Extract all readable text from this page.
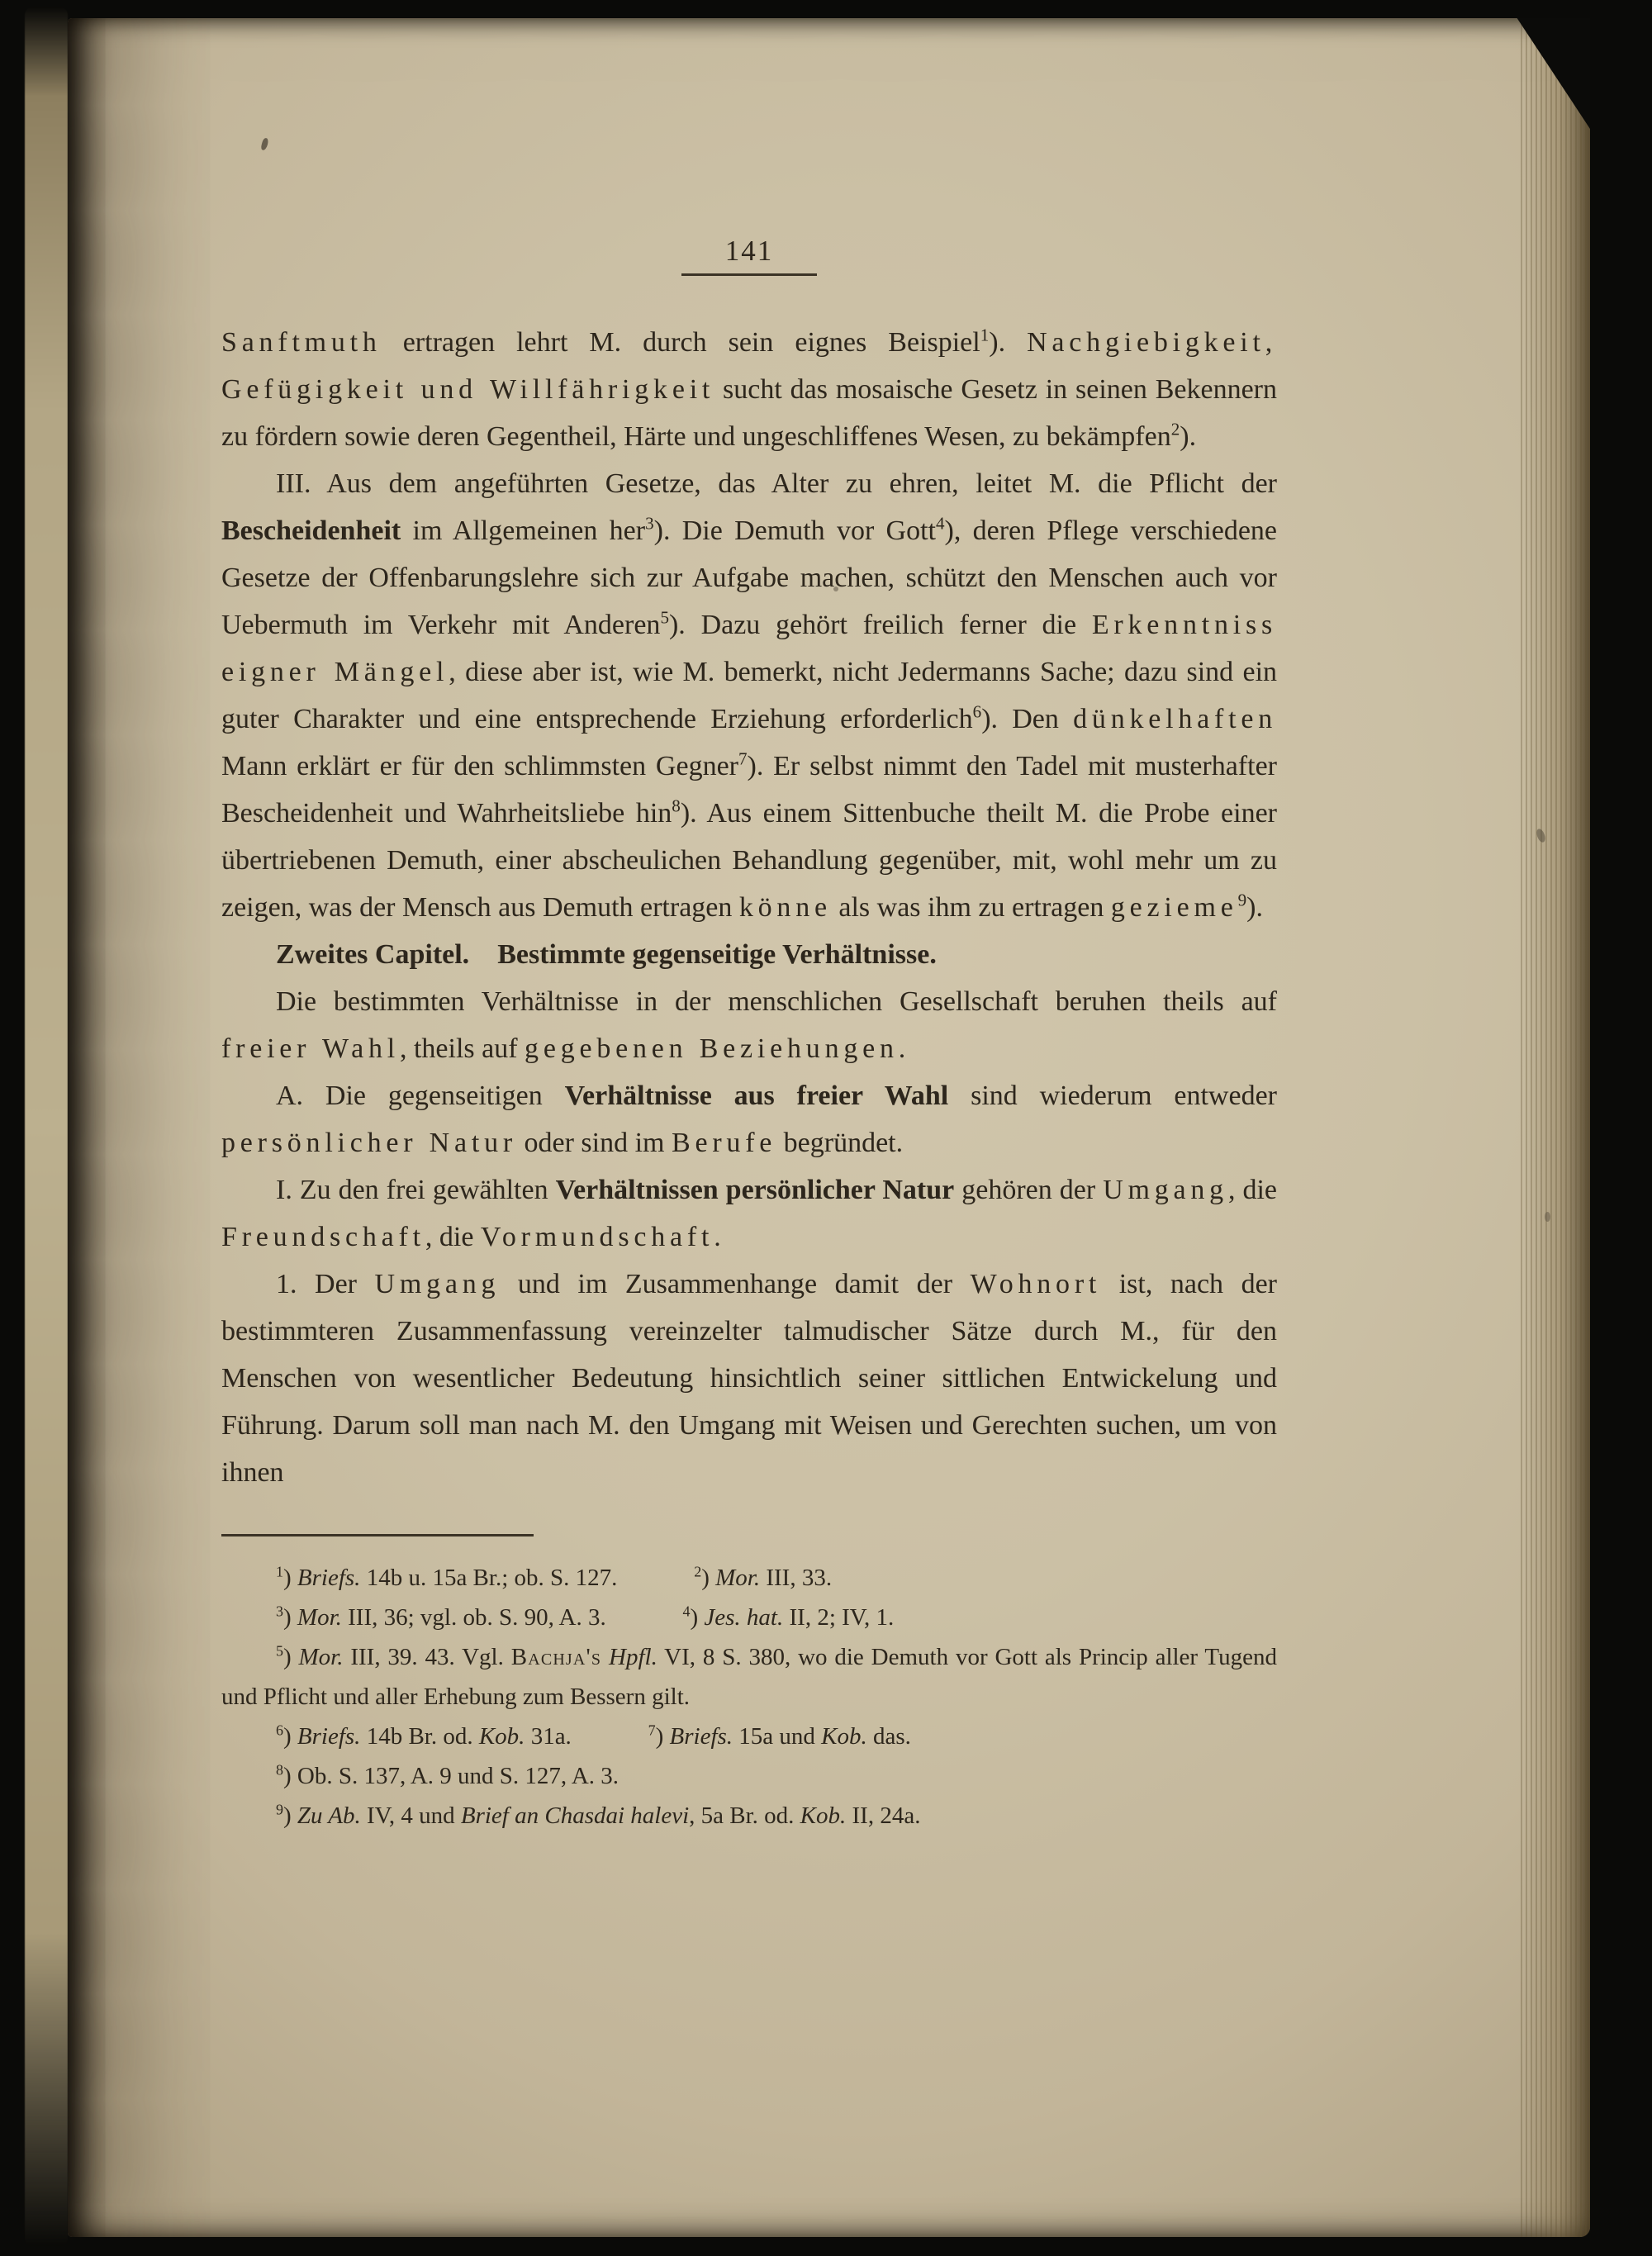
141

Sanftmuth ertragen lehrt M. durch sein eignes Beispiel$^1$). Nachgiebigkeit, Gefügigkeit und Willfährigkeit sucht das mosaische Gesetz in seinen Bekennern zu fördern sowie deren Gegentheil, Härte und ungeschliffenes Wesen, zu bekämpfen$^2$).

III. Aus dem angeführten Gesetze, das Alter zu ehren, leitet M. die Pflicht der Bescheidenheit im Allgemeinen her$^3$). Die Demuth vor Gott$^4$), deren Pflege verschiedene Gesetze der Offenbarungslehre sich zur Aufgabe machen, schützt den Menschen auch vor Uebermuth im Verkehr mit Anderen$^5$). Dazu gehört freilich ferner die Erkenntniss eigner Mängel, diese aber ist, wie M. bemerkt, nicht Jedermanns Sache; dazu sind ein guter Charakter und eine entsprechende Erziehung erforderlich$^6$). Den dünkelhaften Mann erklärt er für den schlimmsten Gegner$^7$). Er selbst nimmt den Tadel mit musterhafter Bescheidenheit und Wahrheitsliebe hin$^8$). Aus einem Sittenbuche theilt M. die Probe einer übertriebenen Demuth, einer abscheulichen Behandlung gegenüber, mit, wohl mehr um zu zeigen, was der Mensch aus Demuth ertragen könne als was ihm zu ertragen gezieme$^9$).

Zweites Capitel.   Bestimmte gegenseitige Verhältnisse.

Die bestimmten Verhältnisse in der menschlichen Gesellschaft beruhen theils auf freier Wahl, theils auf gegebenen Beziehungen.

A. Die gegenseitigen Verhältnisse aus freier Wahl sind wiederum entweder persönlicher Natur oder sind im Berufe begründet.

I. Zu den frei gewählten Verhältnissen persönlicher Natur gehören der Umgang, die Freundschaft, die Vormundschaft.

1. Der Umgang und im Zusammenhange damit der Wohnort ist, nach der bestimmteren Zusammenfassung vereinzelter talmudischer Sätze durch M., für den Menschen von wesentlicher Bedeutung hinsichtlich seiner sittlichen Entwickelung und Führung. Darum soll man nach M. den Umgang mit Weisen und Gerechten suchen, um von ihnen

$^1$) Briefs. 14b u. 15a Br.; ob. S. 127.	$^2$) Mor. III, 33.

$^3$) Mor. III, 36; vgl. ob. S. 90, A. 3.	$^4$) Jes. hat. II, 2; IV, 1.

$^5$) Mor. III, 39. 43. Vgl. Bachja's Hpfl. VI, 8 S. 380, wo die Demuth vor Gott als Princip aller Tugend und Pflicht und aller Erhebung zum Bessern gilt.

$^6$) Briefs. 14b Br. od. Kob. 31a.	$^7$) Briefs. 15a und Kob. das.

$^8$) Ob. S. 137, A. 9 und S. 127, A. 3.

$^9$) Zu Ab. IV, 4 und Brief an Chasdai halevi, 5a Br. od. Kob. II, 24a.
